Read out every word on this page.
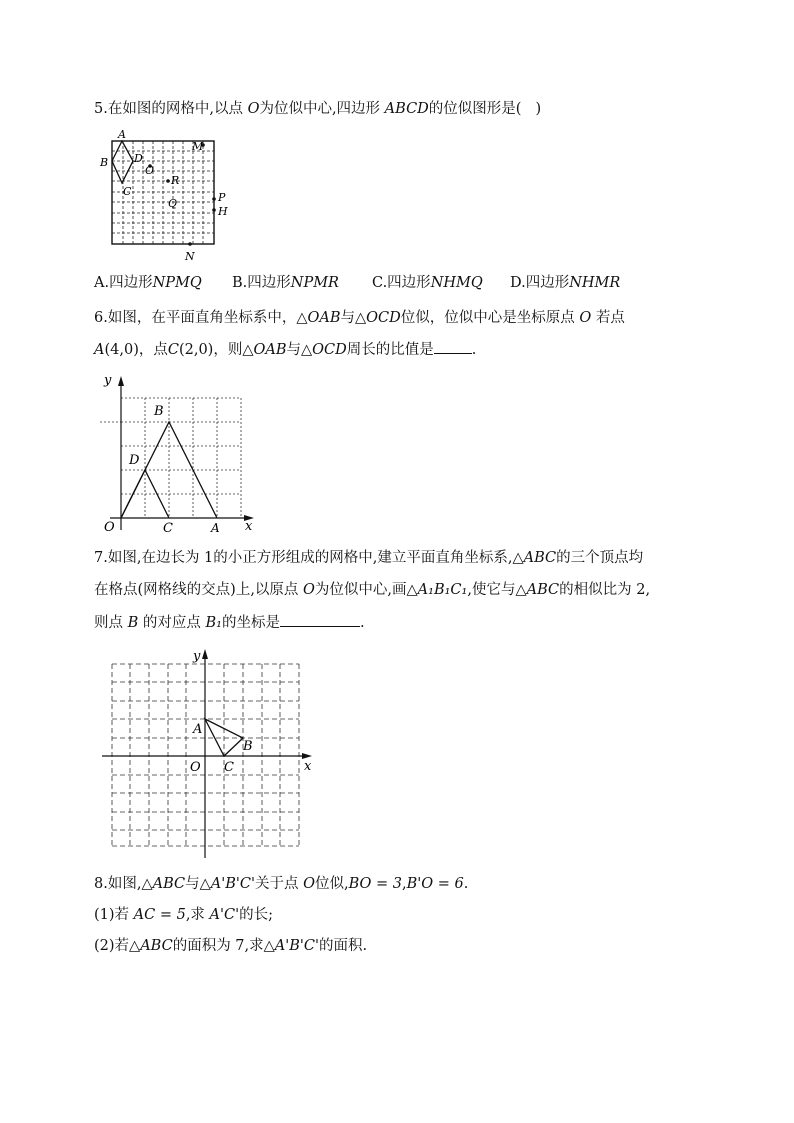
5.在如图的网格中,以点 O为位似中心,四边形 ABCD的位似图形是( )
A
B
C
D
O
M
R
Q	P
H
N
A.四边形NPMQ B.四边形NPMR C.四边形NHMQ D.四边形NHMR
6.如图，在平面直角坐标系中，△OAB与△OCD位似，位似中心是坐标原点 O 若点
A(4,0)，点C(2,0)，则△OAB与△OCD周长的比值是	.
y
x
O	A
B
C
D
7.如图,在边长为 1的小正方形组成的网格中,建立平面直角坐标系,△ABC的三个顶点均
在格点(网格线的交点)上,以原点 O为位似中心,画△A₁B₁C₁,使它与△ABC的相似比为 2,
则点 B 的对应点 B₁的坐标是	.
y
x
O
A
B
C
8.如图,△ABC与△A'B'C'关于点 O位似,BO = 3,B'O = 6.
(1)若 AC = 5,求 A'C'的长;
(2)若△ABC的面积为 7,求△A'B'C'的面积.
